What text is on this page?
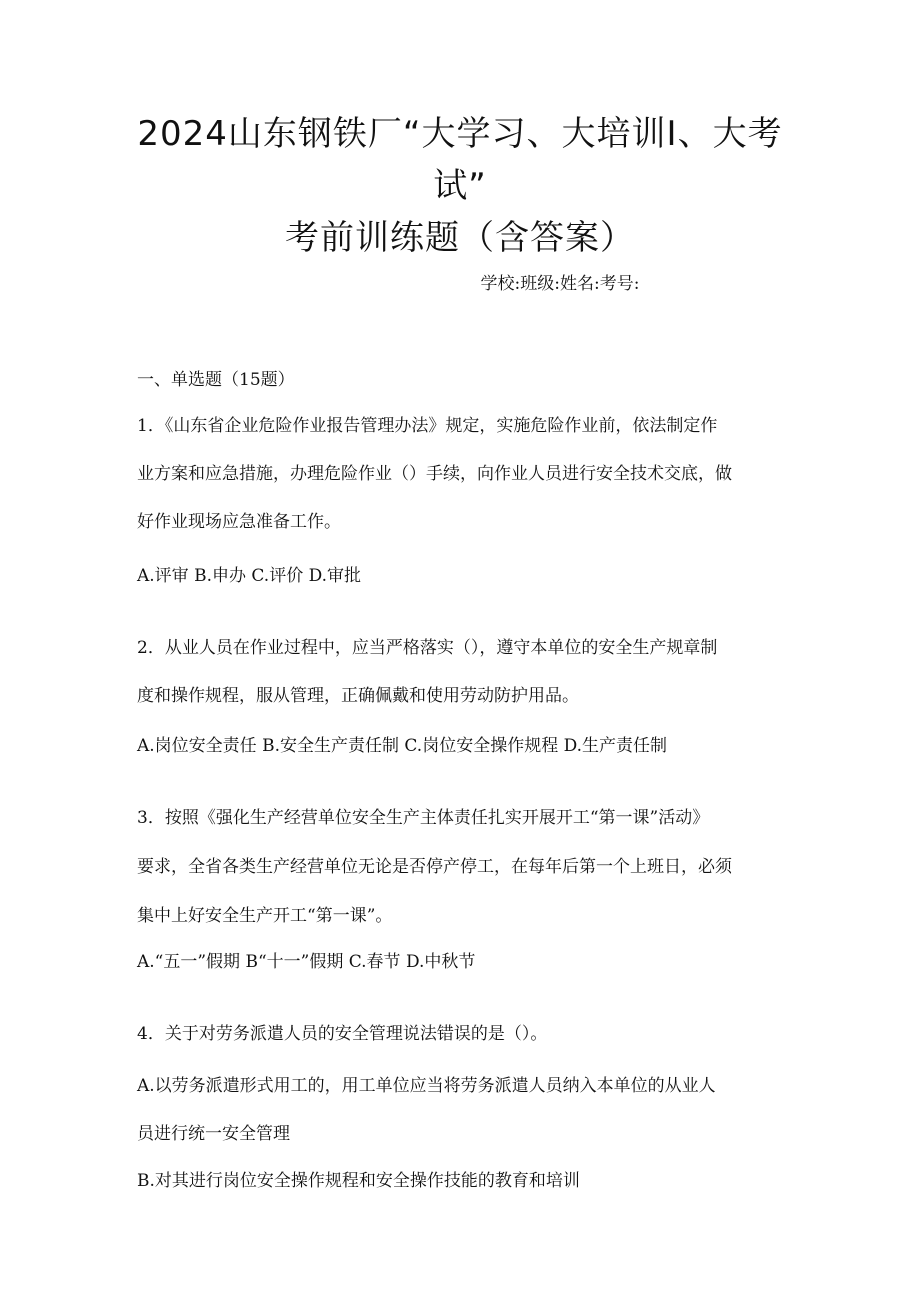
2024山东钢铁厂“大学习、大培训I、大考
试”
考前训练题（含答案）

学校:班级:姓名:考号:

一、单选题（15题）

1．《山东省企业危险作业报告管理办法》规定，实施危险作业前，依法制定作

业方案和应急措施，办理危险作业（）手续，向作业人员进行安全技术交底，做

好作业现场应急准备工作。

A.评审 B.申办 C.评价 D.审批

2．从业人员在作业过程中，应当严格落实（），遵守本单位的安全生产规章制

度和操作规程，服从管理，正确佩戴和使用劳动防护用品。

A.岗位安全责任 B.安全生产责任制 C.岗位安全操作规程 D.生产责任制

3．按照《强化生产经营单位安全生产主体责任扎实开展开工“第一课”活动》

要求，全省各类生产经营单位无论是否停产停工，在每年后第一个上班日，必须

集中上好安全生产开工“第一课”。

A.“五一”假期 B“十一”假期 C.春节 D.中秋节

4．关于对劳务派遣人员的安全管理说法错误的是（）。

A.以劳务派遣形式用工的，用工单位应当将劳务派遣人员纳入本单位的从业人

员进行统一安全管理

B.对其进行岗位安全操作规程和安全操作技能的教育和培训
